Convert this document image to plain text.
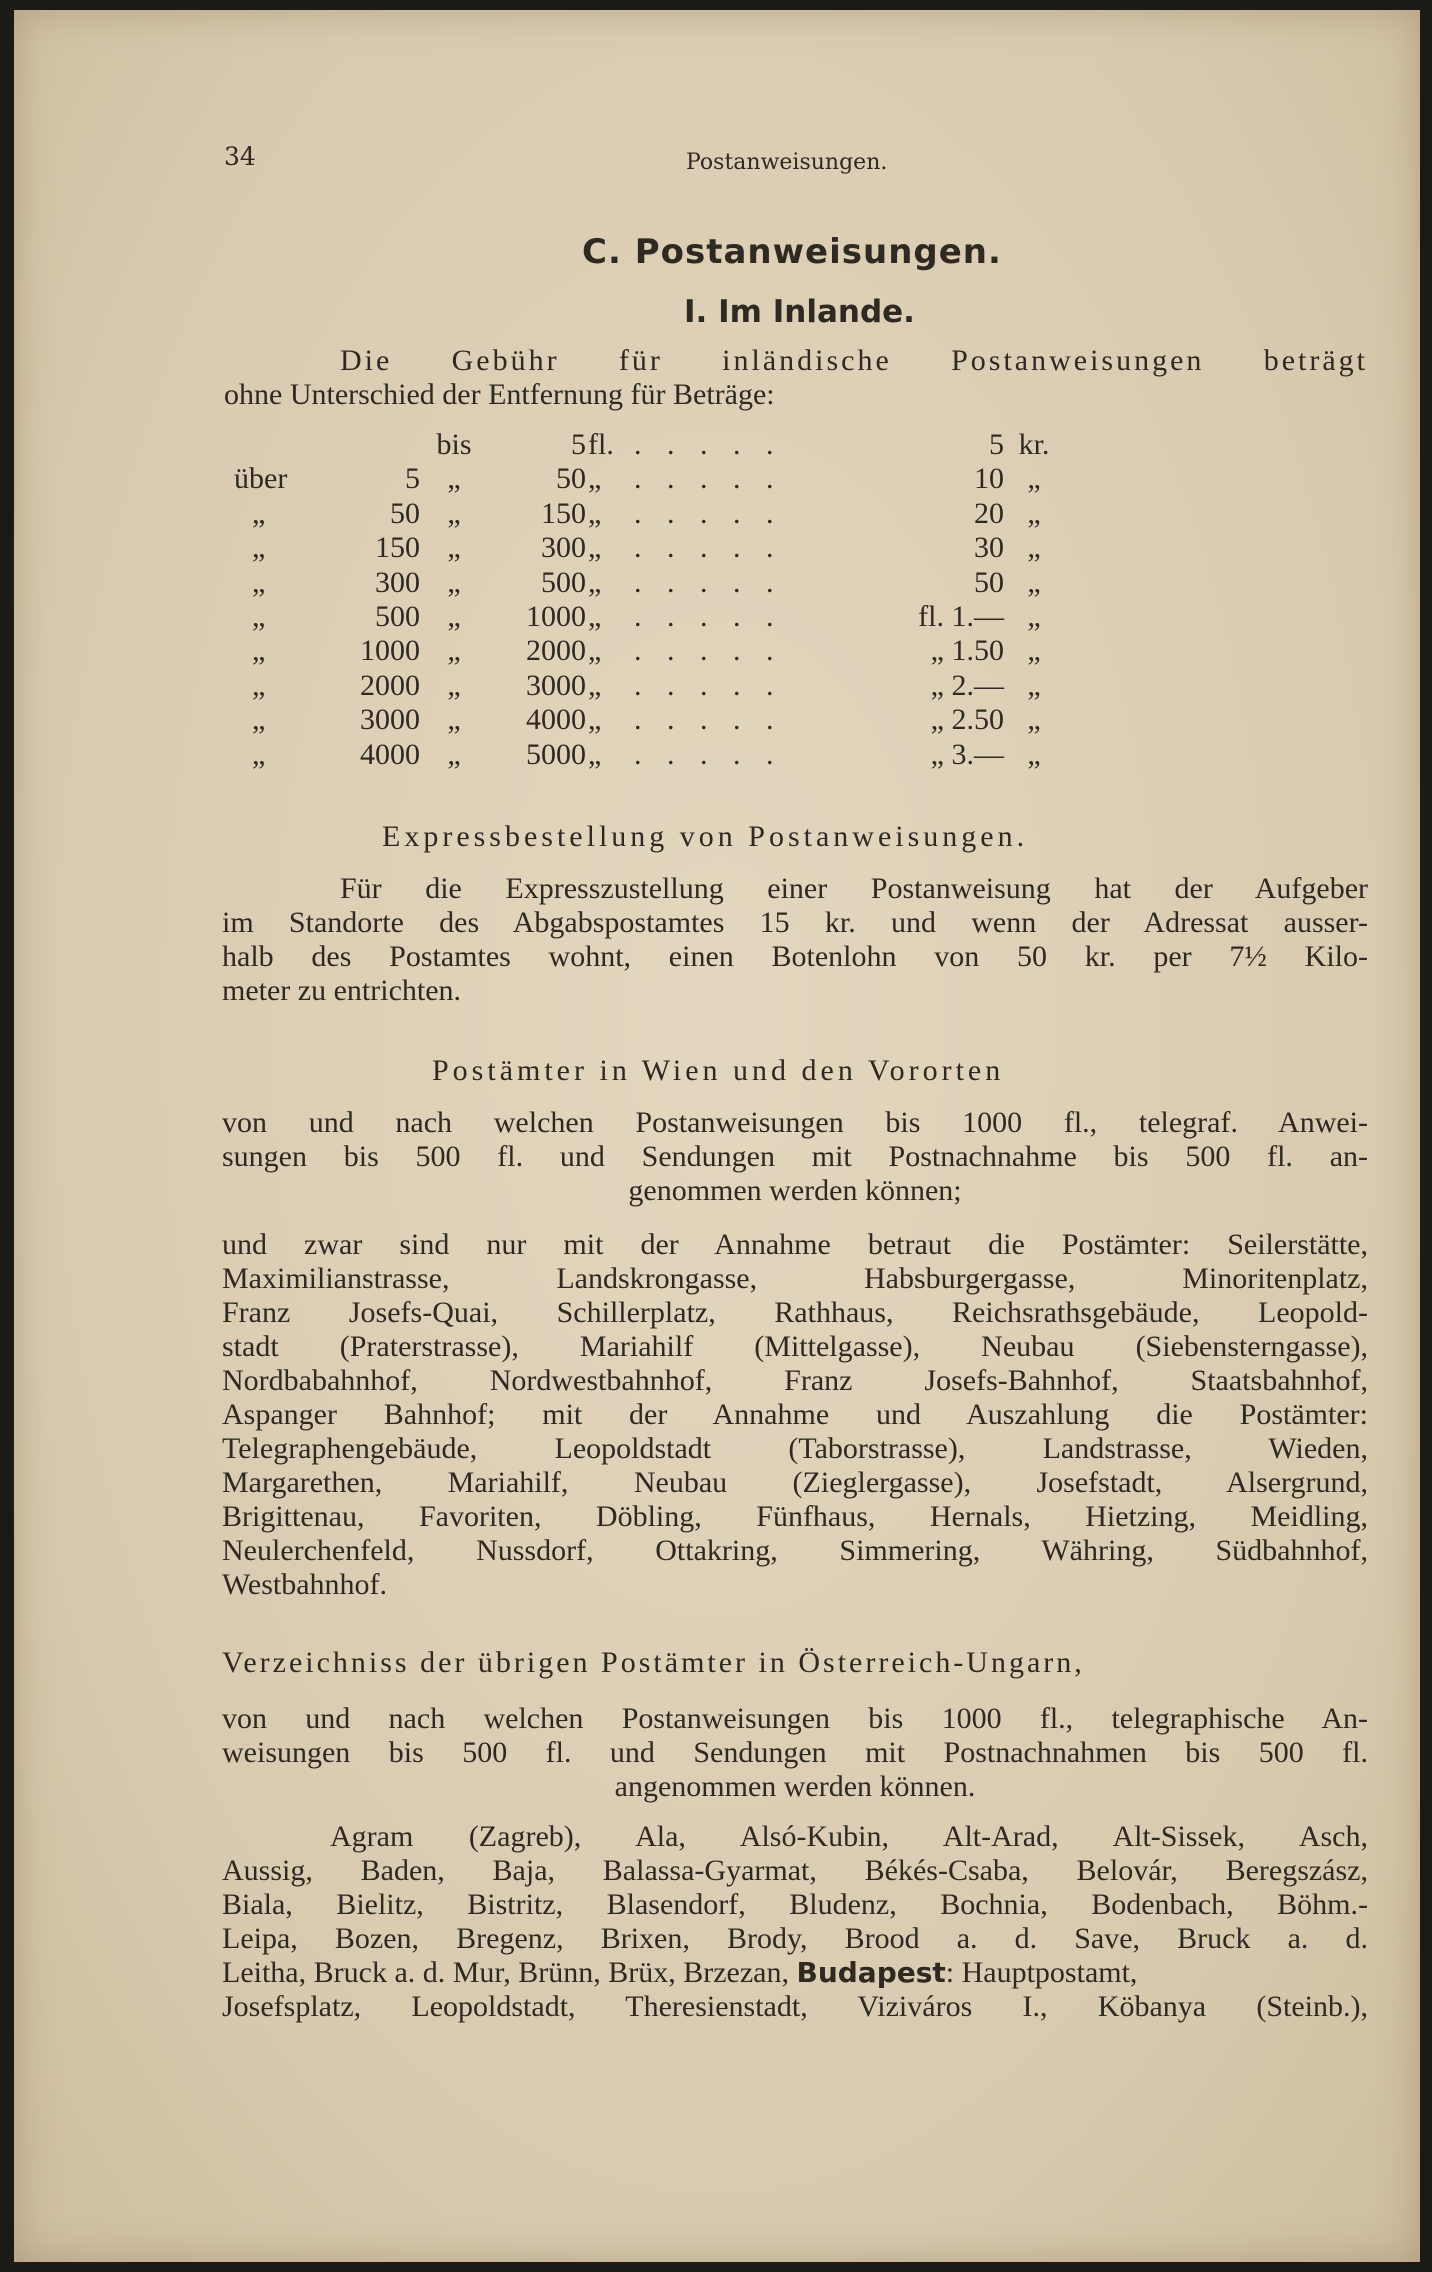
34	Postanweisungen.
C. Postanweisungen.
I. Im Inlande.
Die Gebühr für inländische Postanweisungen beträgt
ohne Unterschied der Entfernung für Beträge:
bis	5 fl. . . . . .	5 kr.
über	5 „	50 „	. . . . .	10 „
„	50 „	150 „	. . . . .	20 „
„	150 „	300 „	. . . . .	30 „
„	300 „	500 „	. . . . .	50 „
„	500 „	1000 „	. . . . .	fl. 1.— „
„	1000 „	2000 „	. . . . .	„ 1.50 „
„	2000 „	3000 „	. . . . .	„ 2.— „
„	3000 „	4000 „	. . . . .	„ 2.50 „
„	4000 „	5000 „	. . . . .	„ 3.— „
Expressbestellung von Postanweisungen.
Für die Expresszustellung einer Postanweisung hat der Aufgeber
im Standorte des Abgabspostamtes 15 kr. und wenn der Adressat ausser-
halb des Postamtes wohnt, einen Botenlohn von 50 kr. per 7½ Kilo-
meter zu entrichten.
Postämter in Wien und den Vororten
von und nach welchen Postanweisungen bis 1000 fl., telegraf. Anwei-
sungen bis 500 fl. und Sendungen mit Postnachnahme bis 500 fl. an-
genommen werden können;
und zwar sind nur mit der Annahme betraut die Postämter: Seilerstätte,
Maximilianstrasse, Landskrongasse, Habsburgergasse, Minoritenplatz,
Franz Josefs-Quai, Schillerplatz, Rathhaus, Reichsrathsgebäude, Leopold-
stadt (Praterstrasse), Mariahilf (Mittelgasse), Neubau (Siebensterngasse),
Nordbabahnhof, Nordwestbahnhof, Franz Josefs-Bahnhof, Staatsbahnhof,
Aspanger Bahnhof; mit der Annahme und Auszahlung die Postämter:
Telegraphengebäude, Leopoldstadt (Taborstrasse), Landstrasse, Wieden,
Margarethen, Mariahilf, Neubau (Zieglergasse), Josefstadt, Alsergrund,
Brigittenau, Favoriten, Döbling, Fünfhaus, Hernals, Hietzing, Meidling,
Neulerchenfeld, Nussdorf, Ottakring, Simmering, Währing, Südbahnhof,
Westbahnhof.
Verzeichniss der übrigen Postämter in Österreich-Ungarn,
von und nach welchen Postanweisungen bis 1000 fl., telegraphische An-
weisungen bis 500 fl. und Sendungen mit Postnachnahmen bis 500 fl.
angenommen werden können.
Agram (Zagreb), Ala, Alsó-Kubin, Alt-Arad, Alt-Sissek, Asch,
Aussig, Baden, Baja, Balassa-Gyarmat, Békés-Csaba, Belovár, Beregszász,
Biala, Bielitz, Bistritz, Blasendorf, Bludenz, Bochnia, Bodenbach, Böhm.-
Leipa, Bozen, Bregenz, Brixen, Brody, Brood a. d. Save, Bruck a. d.
Leitha, Bruck a. d. Mur, Brünn, Brüx, Brzezan, Budapest: Hauptpostamt,
Josefsplatz, Leopoldstadt, Theresienstadt, Viziváros I., Köbanya (Steinb.),
